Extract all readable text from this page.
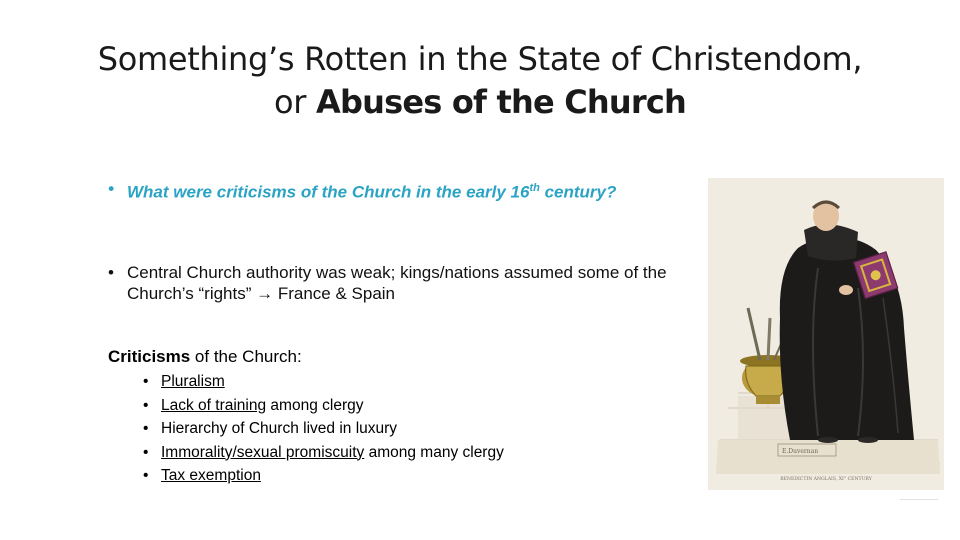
Something’s Rotten in the State of Christendom,
or Abuses of the Church
• What were criticisms of the Church in the early 16th century?
• Central Church authority was weak; kings/nations assumed some of the Church’s “rights” → France & Spain
Criticisms of the Church:
• Pluralism
• Lack of training among clergy
• Hierarchy of Church lived in luxury
• Immorality/sexual promiscuity among many clergy
• Tax exemption
E.Duvernan
BENEDICTIN ANGLAIS, XI° CENTURY
